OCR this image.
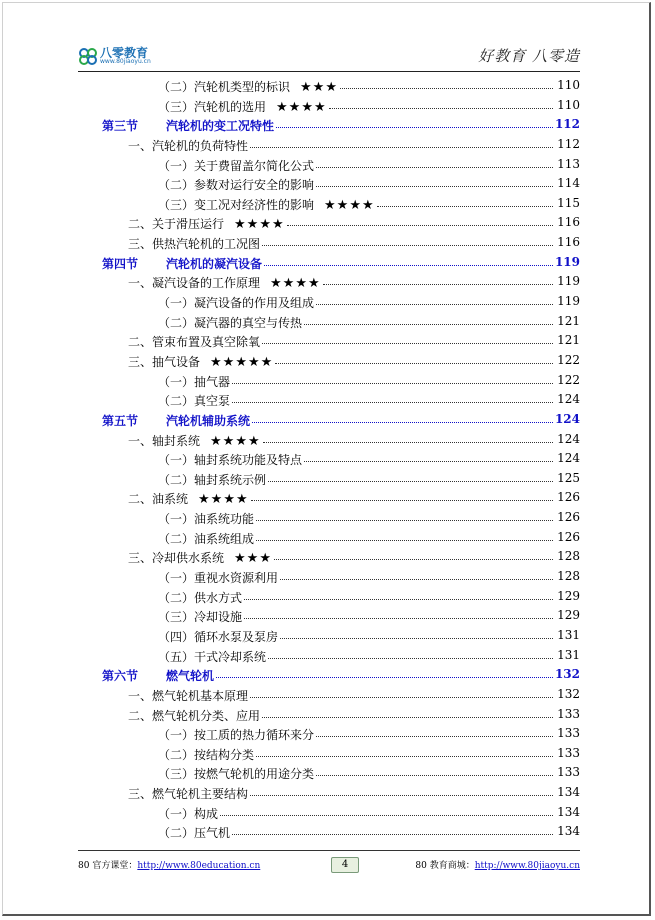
八零教育
www.80jiaoyu.cn	好教育 八零造
（二）汽轮机类型的标识 ★★★	110
（三）汽轮机的选用 ★★★★	110
第三节	汽轮机的变工况特性	112
一、汽轮机的负荷特性	112
（一）关于费留盖尔简化公式	113
（二）参数对运行安全的影响	114
（三）变工况对经济性的影响 ★★★★	115
二、关于滑压运行 ★★★★	116
三、供热汽轮机的工况图	116
第四节	汽轮机的凝汽设备	119
一、凝汽设备的工作原理 ★★★★	119
（一）凝汽设备的作用及组成	119
（二）凝汽器的真空与传热	121
二、管束布置及真空除氧	121
三、抽气设备 ★★★★★	122
（一）抽气器	122
（二）真空泵	124
第五节	汽轮机辅助系统	124
一、轴封系统 ★★★★	124
（一）轴封系统功能及特点	124
（二）轴封系统示例	125
二、油系统 ★★★★	126
（一）油系统功能	126
（二）油系统组成	126
三、冷却供水系统 ★★★	128
（一）重视水资源利用	128
（二）供水方式	129
（三）冷却设施	129
（四）循环水泵及泵房	131
（五）干式冷却系统	131
第六节	燃气轮机	132
一、燃气轮机基本原理	132
二、燃气轮机分类、应用	133
（一）按工质的热力循环来分	133
（二）按结构分类	133
（三）按燃气轮机的用途分类	133
三、燃气轮机主要结构	134
（一）构成	134
（二）压气机	134
80 官方课堂：http://www.80education.cn	80 教育商城：http://www.80jiaoyu.cn
4
